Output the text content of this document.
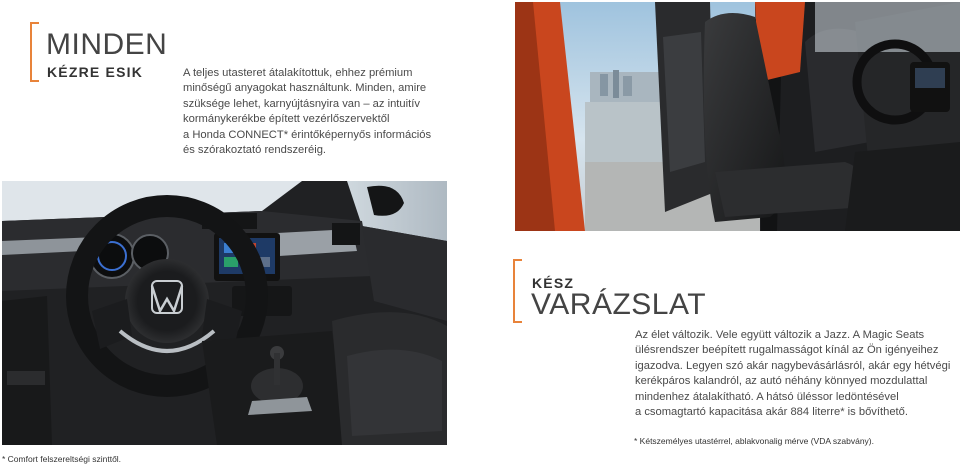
MINDEN
KÉZRE ESIK	A teljes utasteret átalakítottuk, ehhez prémium
minőségű anyagokat használtunk. Minden, amire
szüksége lehet, karnyújtásnyira van – az intuitív
kormánykerékbe épített vezérlőszervektől
a Honda CONNECT* érintőképernyős információs
és szórakoztató rendszeréig.
KÉSZ
VARÁZSLAT
Az élet változik. Vele együtt változik a Jazz. A Magic Seats
ülésrendszer beépített rugalmasságot kínál az Ön igényeihez
igazodva. Legyen szó akár nagybevásárlásról, akár egy hétvégi
kerékpáros kalandról, az autó néhány könnyed mozdulattal
mindenhez átalakítható. A hátsó üléssor ledöntésével
a csomagtartó kapacitása akár 884 literre* is bővíthető.
* Kétszemélyes utastérrel, ablakvonalig mérve (VDA szabvány).
* Comfort felszereltségi szinttől.
